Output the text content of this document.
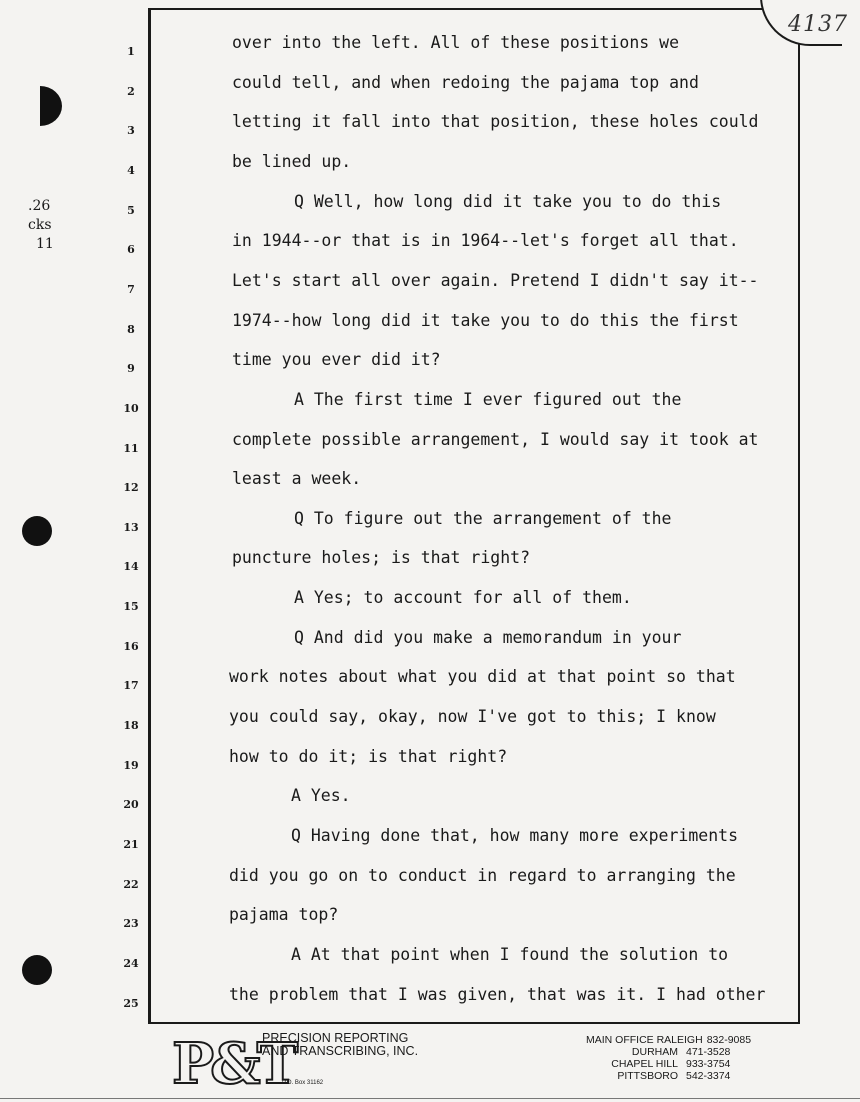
.26
cks
11
4137
1
2
3
4
5
6
7
8
9
10
11
12
13
14
15
16
17
18
19
20
21
22
23
24
25
over into the left. All of these positions we
could tell, and when redoing the pajama top and
letting it fall into that position, these holes could
be lined up.
Q Well, how long did it take you to do this
in 1944--or that is in 1964--let's forget all that.
Let's start all over again. Pretend I didn't say it--
1974--how long did it take you to do this the first
time you ever did it?
A The first time I ever figured out the
complete possible arrangement, I would say it took at
least a week.
Q To figure out the arrangement of the
puncture holes; is that right?
A Yes; to account for all of them.
Q And did you make a memorandum in your
work notes about what you did at that point so that
you could say, okay, now I've got to this; I know
how to do it; is that right?
A Yes.
Q Having done that, how many more experiments
did you go on to conduct in regard to arranging the
pajama top?
A At that point when I found the solution to
the problem that I was given, that was it. I had other
P&T
PRECISION REPORTING
AND TRANSCRIBING, INC.
P.O. Box 31162
MAIN OFFICE RALEIGH 832-9085
DURHAM 471-3528
CHAPEL HILL 933-3754
PITTSBORO 542-3374
